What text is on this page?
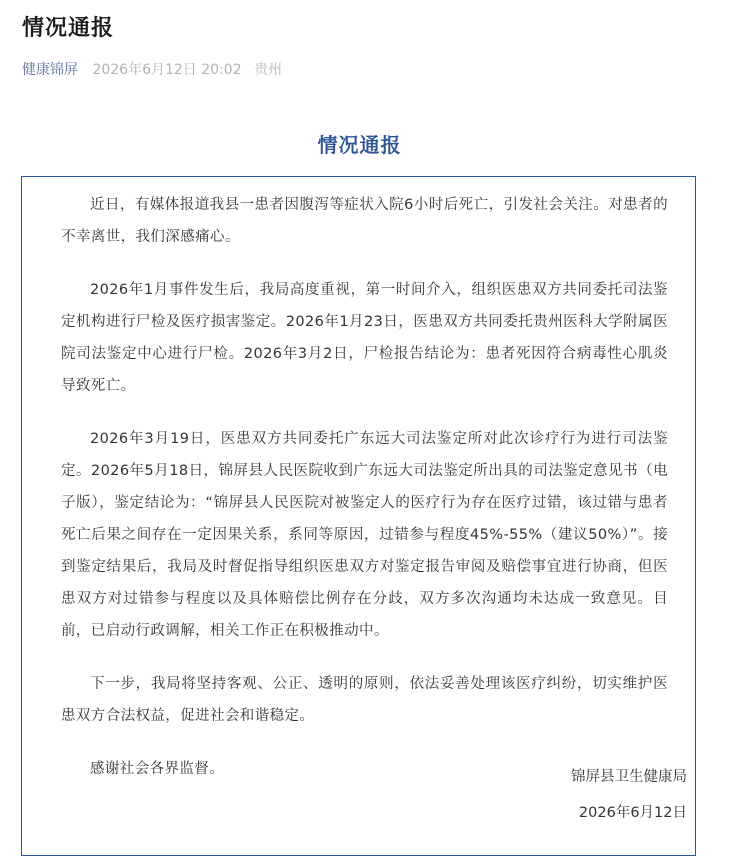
情况通报
健康锦屏 2026年6月12日 20:02 贵州
情况通报

近日，有媒体报道我县一患者因腹泻等症状入院6小时后死亡，引发社会关注。对患者的不幸离世，我们深感痛心。

2026年1月事件发生后，我局高度重视，第一时间介入，组织医患双方共同委托司法鉴定机构进行尸检及医疗损害鉴定。2026年1月23日，医患双方共同委托贵州医科大学附属医院司法鉴定中心进行尸检。2026年3月2日，尸检报告结论为：患者死因符合病毒性心肌炎导致死亡。

2026年3月19日，医患双方共同委托广东远大司法鉴定所对此次诊疗行为进行司法鉴定。2026年5月18日，锦屏县人民医院收到广东远大司法鉴定所出具的司法鉴定意见书（电子版），鉴定结论为：“锦屏县人民医院对被鉴定人的医疗行为存在医疗过错，该过错与患者死亡后果之间存在一定因果关系，系同等原因，过错参与程度45%-55%（建议50%）”。接到鉴定结果后，我局及时督促指导组织医患双方对鉴定报告审阅及赔偿事宜进行协商，但医患双方对过错参与程度以及具体赔偿比例存在分歧，双方多次沟通均未达成一致意见。目前，已启动行政调解，相关工作正在积极推动中。

下一步，我局将坚持客观、公正、透明的原则，依法妥善处理该医疗纠纷，切实维护医患双方合法权益，促进社会和谐稳定。

感谢社会各界监督。	锦屏县卫生健康局
2026年6月12日
